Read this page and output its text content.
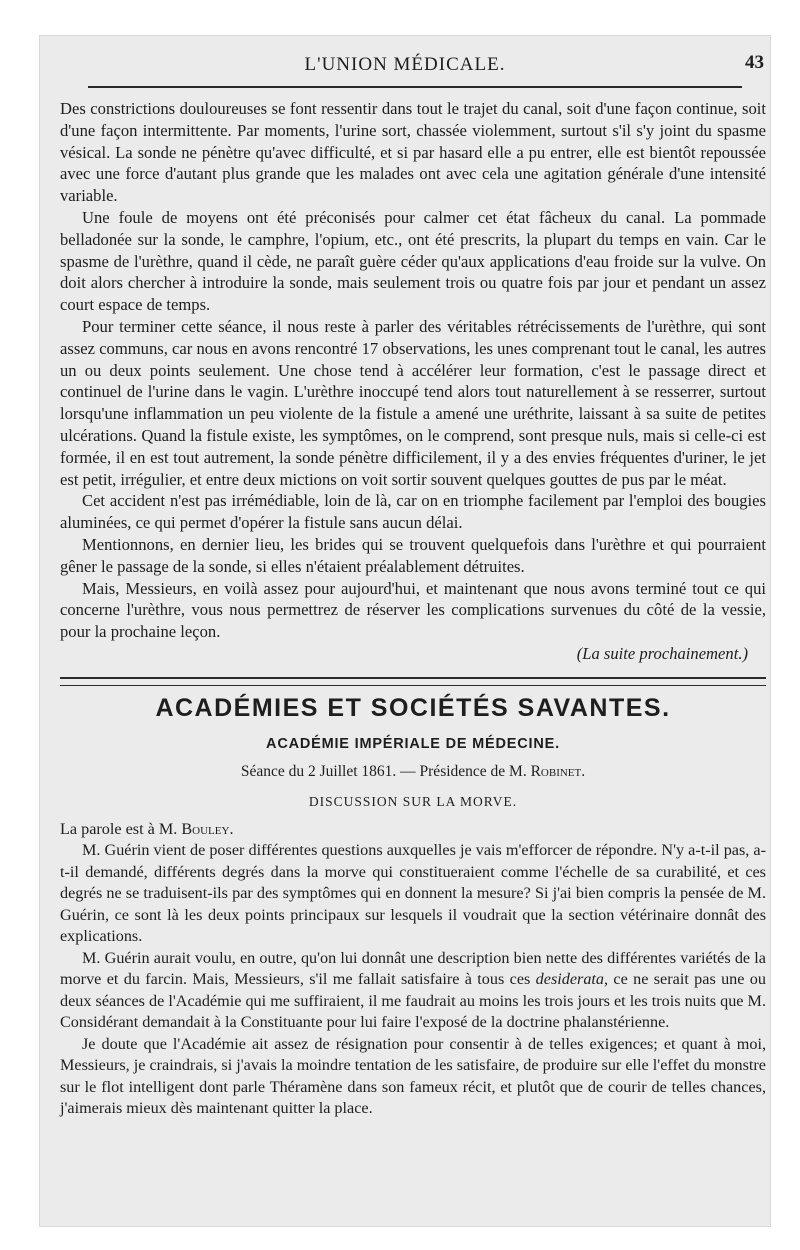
L'UNION MÉDICALE.	43

Des constrictions douloureuses se font ressentir dans tout le trajet du canal, soit d'une façon continue, soit d'une façon intermittente. Par moments, l'urine sort, chassée violemment, surtout s'il s'y joint du spasme vésical. La sonde ne pénètre qu'avec difficulté, et si par hasard elle a pu entrer, elle est bientôt repoussée avec une force d'autant plus grande que les malades ont avec cela une agitation générale d'une intensité variable.

Une foule de moyens ont été préconisés pour calmer cet état fâcheux du canal. La pommade belladonée sur la sonde, le camphre, l'opium, etc., ont été prescrits, la plupart du temps en vain. Car le spasme de l'urèthre, quand il cède, ne paraît guère céder qu'aux applications d'eau froide sur la vulve. On doit alors chercher à introduire la sonde, mais seulement trois ou quatre fois par jour et pendant un assez court espace de temps.

Pour terminer cette séance, il nous reste à parler des véritables rétrécissements de l'urèthre, qui sont assez communs, car nous en avons rencontré 17 observations, les unes comprenant tout le canal, les autres un ou deux points seulement. Une chose tend à accélérer leur formation, c'est le passage direct et continuel de l'urine dans le vagin. L'urèthre inoccupé tend alors tout naturellement à se resserrer, surtout lorsqu'une inflammation un peu violente de la fistule a amené une uréthrite, laissant à sa suite de petites ulcérations. Quand la fistule existe, les symptômes, on le comprend, sont presque nuls, mais si celle-ci est formée, il en est tout autrement, la sonde pénètre difficilement, il y a des envies fréquentes d'uriner, le jet est petit, irrégulier, et entre deux mictions on voit sortir souvent quelques gouttes de pus par le méat.

Cet accident n'est pas irrémédiable, loin de là, car on en triomphe facilement par l'emploi des bougies aluminées, ce qui permet d'opérer la fistule sans aucun délai.

Mentionnons, en dernier lieu, les brides qui se trouvent quelquefois dans l'urèthre et qui pourraient gêner le passage de la sonde, si elles n'étaient préalablement détruites.

Mais, Messieurs, en voilà assez pour aujourd'hui, et maintenant que nous avons terminé tout ce qui concerne l'urèthre, vous nous permettrez de réserver les complications survenues du côté de la vessie, pour la prochaine leçon.

(La suite prochainement.)

ACADÉMIES ET SOCIÉTÉS SAVANTES.
ACADÉMIE IMPÉRIALE DE MÉDECINE.
Séance du 2 Juillet 1861. — Présidence de M. Robinet.
DISCUSSION SUR LA MORVE.

La parole est à M. Bouley.

M. Guérin vient de poser différentes questions auxquelles je vais m'efforcer de répondre. N'y a-t-il pas, a-t-il demandé, différents degrés dans la morve qui constitueraient comme l'échelle de sa curabilité, et ces degrés ne se traduisent-ils par des symptômes qui en donnent la mesure? Si j'ai bien compris la pensée de M. Guérin, ce sont là les deux points principaux sur lesquels il voudrait que la section vétérinaire donnât des explications.

M. Guérin aurait voulu, en outre, qu'on lui donnât une description bien nette des différentes variétés de la morve et du farcin. Mais, Messieurs, s'il me fallait satisfaire à tous ces desiderata, ce ne serait pas une ou deux séances de l'Académie qui me suffiraient, il me faudrait au moins les trois jours et les trois nuits que M. Considérant demandait à la Constituante pour lui faire l'exposé de la doctrine phalanstérienne.

Je doute que l'Académie ait assez de résignation pour consentir à de telles exigences; et quant à moi, Messieurs, je craindrais, si j'avais la moindre tentation de les satisfaire, de produire sur elle l'effet du monstre sur le flot intelligent dont parle Théramène dans son fameux récit, et plutôt que de courir de telles chances, j'aimerais mieux dès maintenant quitter la place.
